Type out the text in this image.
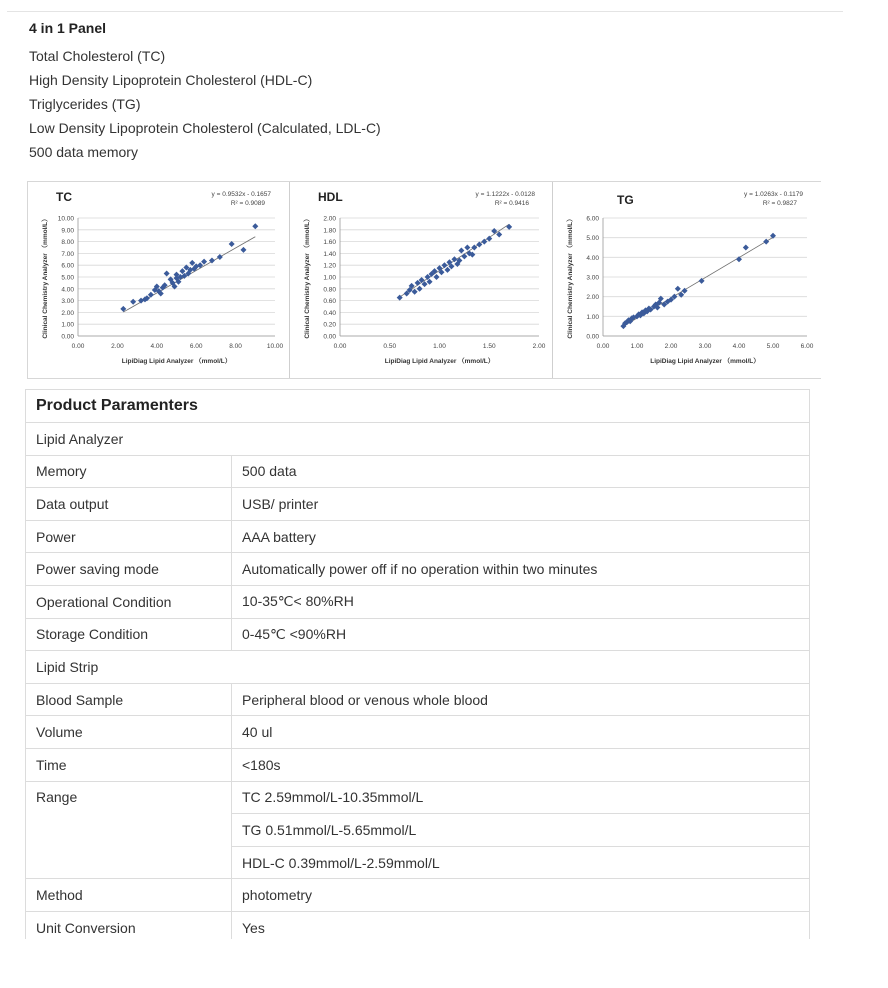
4 in 1 Panel
Total Cholesterol (TC)
High Density Lipoprotein Cholesterol (HDL-C)
Triglycerides (TG)
Low Density Lipoprotein Cholesterol (Calculated, LDL-C)
500 data memory
0.00
1.00
2.00
3.00
4.00
5.00
6.00
7.00
8.00
9.00
10.00
0.00	2.00	4.00	6.00	8.00	10.00
TC	y = 0.9532x - 0.1657
R² = 0.9089
LipiDiag Lipid Analyzer （mmol/L）
Clinical Chemistry Analyzer （mmol/L）	0.00
0.20
0.40
0.60
0.80
1.00
1.20
1.40
1.60
1.80
2.00
0.00	0.50	1.00	1.50	2.00
HDL	y = 1.1222x - 0.0128
R² = 0.9416
LipiDiag Lipid Analyzer （mmol/L）
Clinical Chemistry Analyzer （mmol/L）	0.00
1.00
2.00
3.00
4.00
5.00
6.00
0.00	1.00	2.00	3.00	4.00	5.00	6.00
TG	y = 1.0263x - 0.1179
R² = 0.9827
LipiDiag Lipid Analyzer （mmol/L）
Clinical Chemistry Analyzer （mmol/L）
Product Paramenters	
Lipid Analyzer	
Memory	500 data
Data output	USB/ printer
Power	AAA battery
Power saving mode	Automatically power off if no operation within two minutes
Operational Condition	10-35℃< 80%RH
Storage Condition	0-45℃ <90%RH
Lipid Strip	
Blood Sample	Peripheral blood or venous whole blood
Volume	40 ul
Time	<180s
Range	TC 2.59mmol/L-10.35mmol/L
	TG 0.51mmol/L-5.65mmol/L
	HDL-C 0.39mmol/L-2.59mmol/L
Method	photometry
Unit Conversion	Yes
